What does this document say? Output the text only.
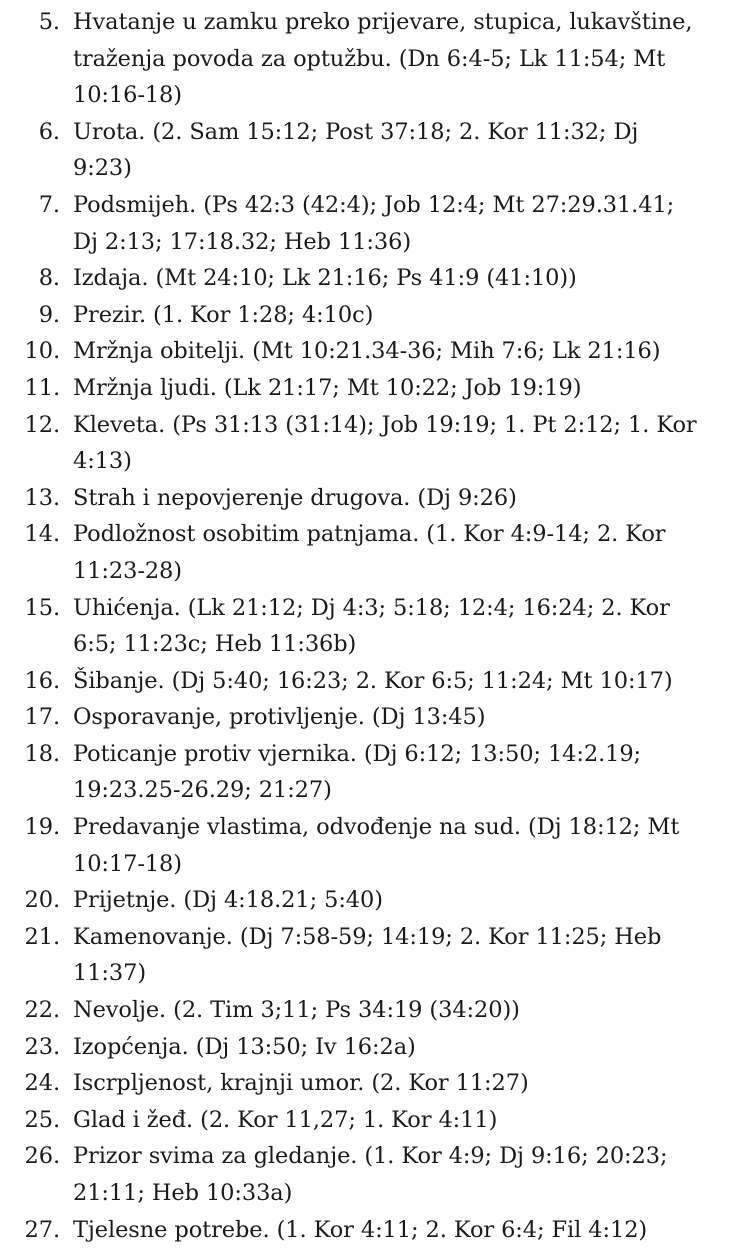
5. Hvatanje u zamku preko prijevare, stupica, lukavštine, traženja povoda za optužbu. (Dn 6:4-5; Lk 11:54; Mt 10:16-18)
6. Urota. (2. Sam 15:12; Post 37:18; 2. Kor 11:32; Dj 9:23)
7. Podsmijeh. (Ps 42:3 (42:4); Job 12:4; Mt 27:29.31.41; Dj 2:13; 17:18.32; Heb 11:36)
8. Izdaja. (Mt 24:10; Lk 21:16; Ps 41:9 (41:10))
9. Prezir. (1. Kor 1:28; 4:10c)
10. Mržnja obitelji. (Mt 10:21.34-36; Mih 7:6; Lk 21:16)
11. Mržnja ljudi. (Lk 21:17; Mt 10:22; Job 19:19)
12. Kleveta. (Ps 31:13 (31:14); Job 19:19; 1. Pt 2:12; 1. Kor 4:13)
13. Strah i nepovjerenje drugova. (Dj 9:26)
14. Podložnost osobitim patnjama. (1. Kor 4:9-14; 2. Kor 11:23-28)
15. Uhićenja. (Lk 21:12; Dj 4:3; 5:18; 12:4; 16:24; 2. Kor 6:5; 11:23c; Heb 11:36b)
16. Šibanje. (Dj 5:40; 16:23; 2. Kor 6:5; 11:24; Mt 10:17)
17. Osporavanje, protivljenje. (Dj 13:45)
18. Poticanje protiv vjernika. (Dj 6:12; 13:50; 14:2.19; 19:23.25-26.29; 21:27)
19. Predavanje vlastima, odvođenje na sud. (Dj 18:12; Mt 10:17-18)
20. Prijetnje. (Dj 4:18.21; 5:40)
21. Kamenovanje. (Dj 7:58-59; 14:19; 2. Kor 11:25; Heb 11:37)
22. Nevolje. (2. Tim 3;11; Ps 34:19 (34:20))
23. Izopćenja. (Dj 13:50; Iv 16:2a)
24. Iscrpljenost, krajnji umor. (2. Kor 11:27)
25. Glad i žeđ. (2. Kor 11,27; 1. Kor 4:11)
26. Prizor svima za gledanje. (1. Kor 4:9; Dj 9:16; 20:23; 21:11; Heb 10:33a)
27. Tjelesne potrebe. (1. Kor 4:11; 2. Kor 6:4; Fil 4:12)
